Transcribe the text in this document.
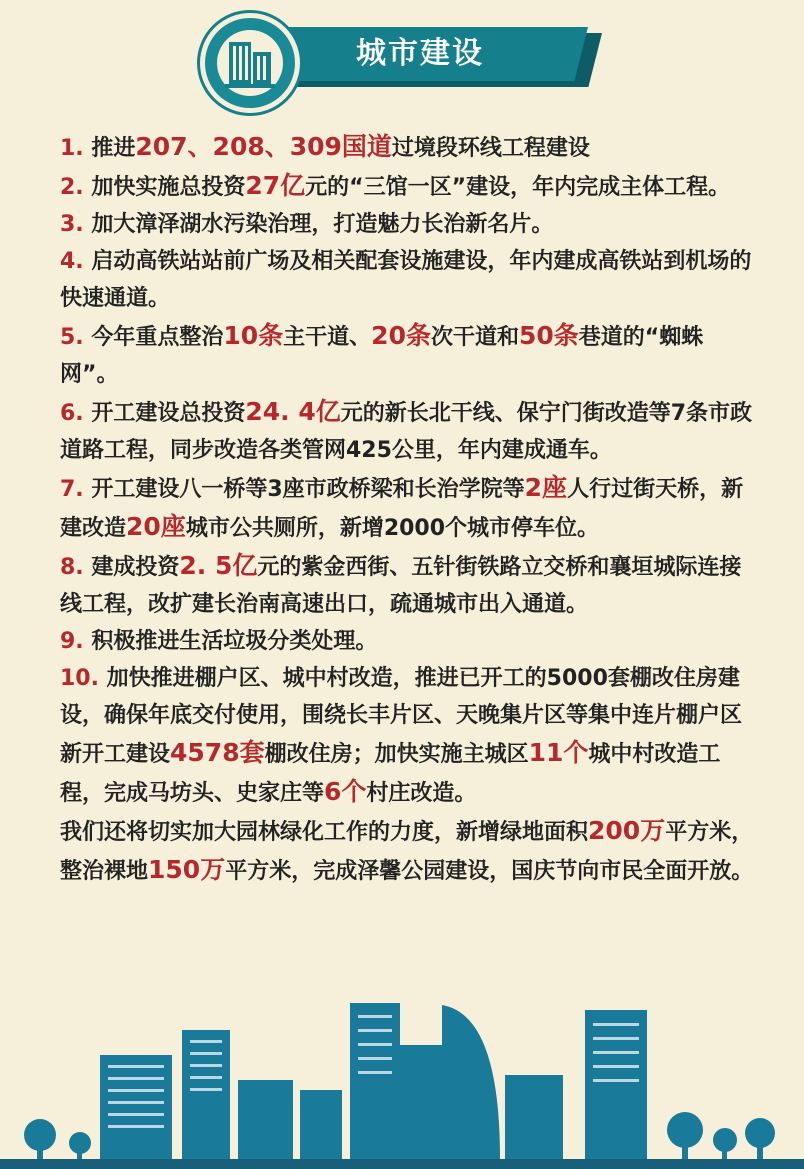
城市建设

1. 推进207、208、309国道过境段环线工程建设

2. 加快实施总投资27亿元的“三馆一区”建设，年内完成主体工程。

3. 加大漳泽湖水污染治理，打造魅力长治新名片。

4. 启动高铁站站前广场及相关配套设施建设，年内建成高铁站到机场的快速通道。

5. 今年重点整治10条主干道、20条次干道和50条巷道的“蜘蛛网”。

6. 开工建设总投资24. 4亿元的新长北干线、保宁门街改造等7条市政道路工程，同步改造各类管网425公里，年内建成通车。

7. 开工建设八一桥等3座市政桥梁和长治学院等2座人行过街天桥，新建改造20座城市公共厕所，新增2000个城市停车位。

8. 建成投资2. 5亿元的紫金西街、五针街铁路立交桥和襄垣城际连接线工程，改扩建长治南高速出口，疏通城市出入通道。

9. 积极推进生活垃圾分类处理。

10. 加快推进棚户区、城中村改造，推进已开工的5000套棚改住房建设，确保年底交付使用，围绕长丰片区、天晚集片区等集中连片棚户区新开工建设4578套棚改住房；加快实施主城区11个城中村改造工程，完成马坊头、史家庄等6个村庄改造。

我们还将切实加大园林绿化工作的力度，新增绿地面积200万平方米，整治裸地150万平方米，完成泽馨公园建设，国庆节向市民全面开放。
